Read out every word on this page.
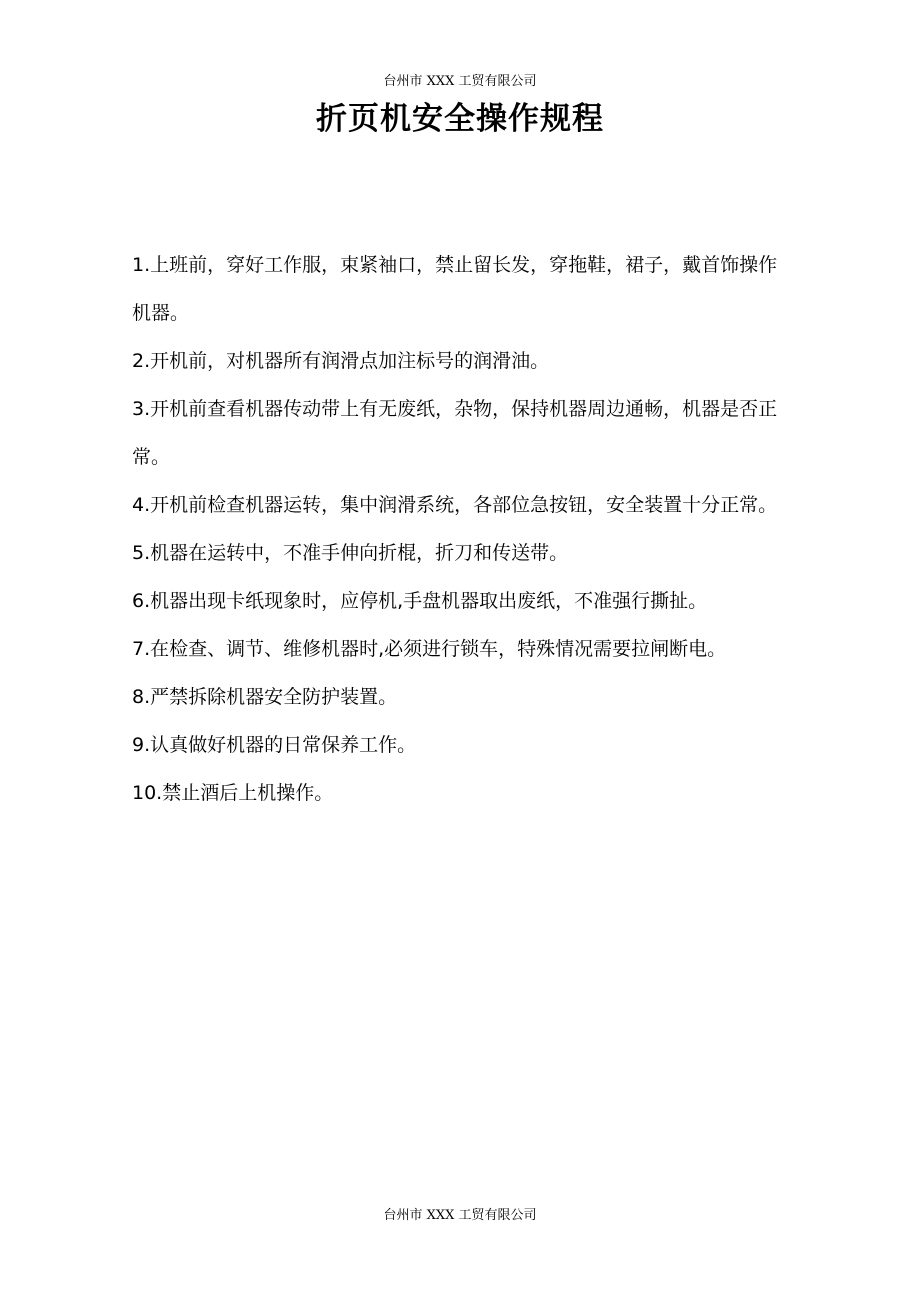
台州市 XXX 工贸有限公司
折页机安全操作规程
1.上班前，穿好工作服，束紧袖口，禁止留长发，穿拖鞋，裙子，戴首饰操作机器。
2.开机前，对机器所有润滑点加注标号的润滑油。
3.开机前查看机器传动带上有无废纸，杂物，保持机器周边通畅，机器是否正常。
4.开机前检查机器运转，集中润滑系统，各部位急按钮，安全装置十分正常。
5.机器在运转中，不准手伸向折棍，折刀和传送带。
6.机器出现卡纸现象时，应停机,手盘机器取出废纸，不准强行撕扯。
7.在检查、调节、维修机器时,必须进行锁车，特殊情况需要拉闸断电。
8.严禁拆除机器安全防护装置。
9.认真做好机器的日常保养工作。
10.禁止酒后上机操作。
台州市 XXX 工贸有限公司
